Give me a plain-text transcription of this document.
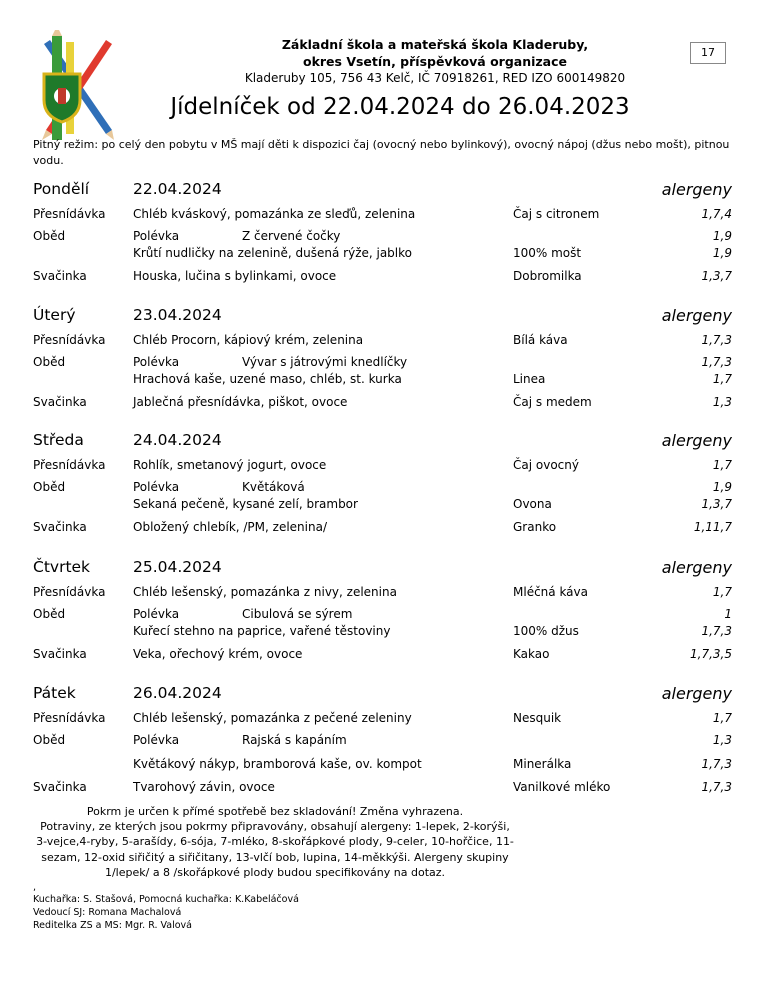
Základní škola a mateřská škola Kladeruby,
okres Vsetín, příspěvková organizace
Kladeruby 105, 756 43 Kelč, IČ 70918261, RED IZO 600149820
17
Jídelníček od 22.04.2024 do 26.04.2023
Pitný režim: po celý den pobytu v MŠ mají děti k dispozici čaj (ovocný nebo bylinkový), ovocný nápoj (džus nebo mošt), pitnou vodu.
Pondělí	22.04.2024	alergeny
Přesnídávka Chléb kváskový, pomazánka ze sleďů, zelenina	Čaj s citronem	1,7,4
Oběd	Polévka	Z červené čočky	1,9
Krůtí nudličky na zelenině, dušená rýže, jablko	100% mošt	1,9
Svačinka	Houska, lučina s bylinkami, ovoce	Dobromilka	1,3,7
Úterý	23.04.2024	alergeny
Přesnídávka Chléb Procorn, kápiový krém, zelenina	Bílá káva	1,7,3
Oběd	Polévka	Vývar s játrovými knedlíčky	1,7,3
Hrachová kaše, uzené maso, chléb, st. kurka	Linea	1,7
Svačinka	Jablečná přesnídávka, piškot, ovoce	Čaj s medem	1,3
Středa	24.04.2024	alergeny
Přesnídávka Rohlík, smetanový jogurt, ovoce	Čaj ovocný	1,7
Oběd	Polévka	Květáková	1,9
Sekaná pečeně, kysané zelí, brambor	Ovona	1,3,7
Svačinka	Obložený chlebík, /PM, zelenina/	Granko	1,11,7
Čtvrtek	25.04.2024	alergeny
Přesnídávka Chléb lešenský, pomazánka z nivy, zelenina	Mléčná káva	1,7
Oběd	Polévka	Cibulová se sýrem	1
Kuřecí stehno na paprice, vařené těstoviny	100% džus	1,7,3
Svačinka	Veka, ořechový krém, ovoce	Kakao	1,7,3,5
Pátek	26.04.2024	alergeny
Přesnídávka Chléb lešenský, pomazánka z pečené zeleniny	Nesquik	1,7
Oběd	Polévka	Rajská s kapáním	1,3
Květákový nákyp, bramborová kaše, ov. kompot	Minerálka	1,7,3
Svačinka	Tvarohový závin, ovoce	Vanilkové mléko	1,7,3
Pokrm je určen k přímé spotřebě bez skladování! Změna vyhrazena.
Potraviny, ze kterých jsou pokrmy připravovány, obsahují alergeny: 1-lepek, 2-korýši,
3-vejce,4-ryby, 5-arašídy, 6-sója, 7-mléko, 8-skořápkové plody, 9-celer, 10-hořčice, 11-
sezam, 12-oxid siřičitý a siřičitany, 13-vlčí bob, lupina, 14-měkkýši. Alergeny skupiny
1/lepek/ a 8 /skořápkové plody budou specifikovány na dotaz.
,
Kuchařka: S. Stašová, Pomocná kuchařka: K.Kabeláčová
Vedoucí SJ: Romana Machalová
Reditelka ZS a MS: Mgr. R. Valová
